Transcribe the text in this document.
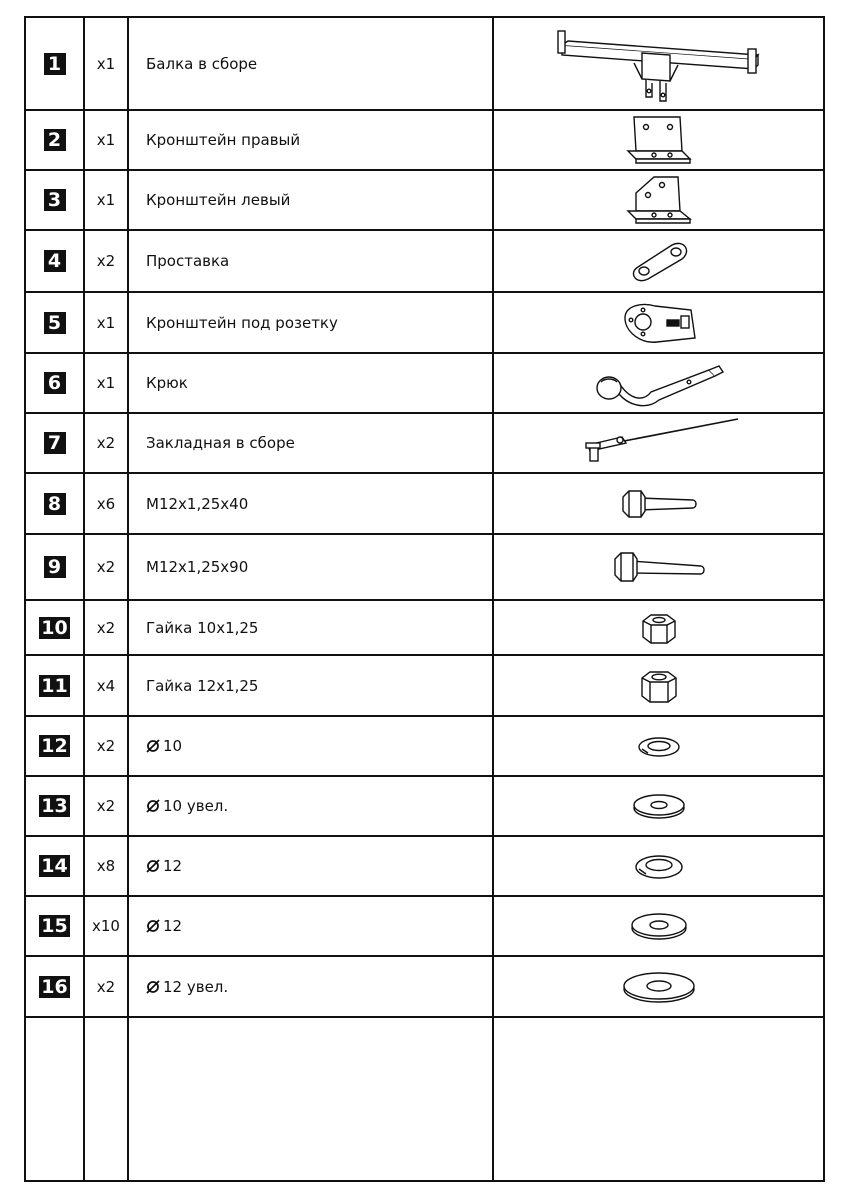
1	x1	Балка в сборе	

2	x1	Кронштейн правый	

3	x1	Кронштейн левый	

4	x2	Проставка	

5	x1	Кронштейн под розетку	

6	x1	Крюк	

7	x2	Закладная в сборе	

8	x6	M12x1,25x40	

9	x2	M12x1,25x90	

10	x2	Гайка 10x1,25	

11	x4	Гайка 12x1,25	

12	x2	10	

13	x2	10 увел.	

14	x8	12	

15	x10	12	

16	x2	12 увел.	
